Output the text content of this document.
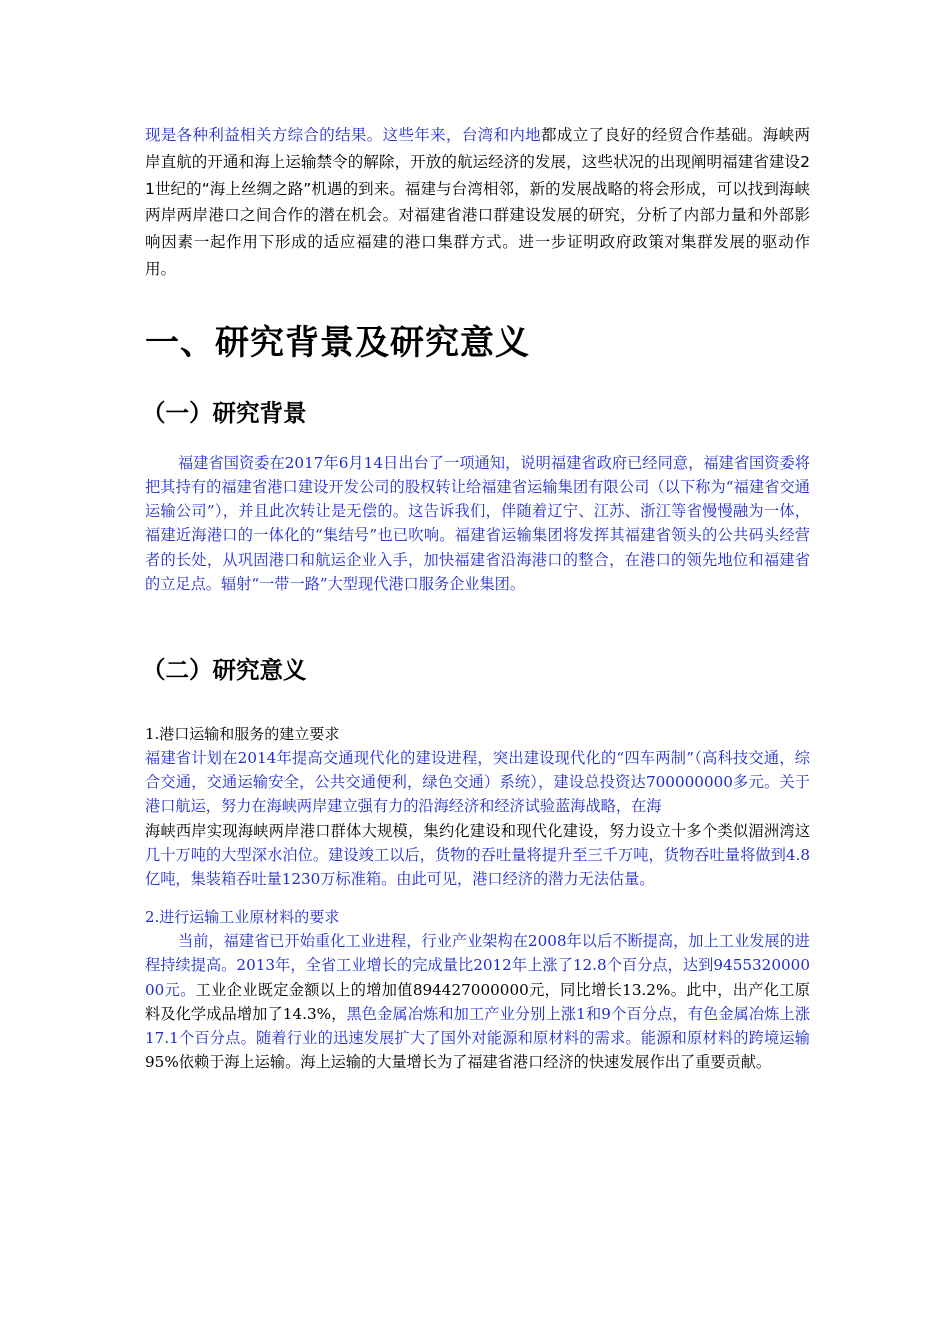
现是各种利益相关方综合的结果。这些年来，台湾和内地都成立了良好的经贸合作基础。海峡两岸直航的开通和海上运输禁令的解除，开放的航运经济的发展，这些状况的出现阐明福建省建设21世纪的“海上丝绸之路”机遇的到来。福建与台湾相邻，新的发展战略的将会形成，可以找到海峡两岸两岸港口之间合作的潜在机会。对福建省港口群建设发展的研究，分析了内部力量和外部影响因素一起作用下形成的适应福建的港口集群方式。进一步证明政府政策对集群发展的驱动作用。

一、研究背景及研究意义
（一）研究背景

福建省国资委在2017年6月14日出台了一项通知，说明福建省政府已经同意，福建省国资委将把其持有的福建省港口建设开发公司的股权转让给福建省运输集团有限公司（以下称为“福建省交通运输公司”），并且此次转让是无偿的。这告诉我们，伴随着辽宁、江苏、浙江等省慢慢融为一体，福建近海港口的一体化的“集结号”也已吹响。福建省运输集团将发挥其福建省领头的公共码头经营者的长处，从巩固港口和航运企业入手，加快福建省沿海港口的整合，在港口的领先地位和福建省的立足点。辐射“一带一路”大型现代港口服务企业集团。

（二）研究意义

1.港口运输和服务的建立要求

福建省计划在2014年提高交通现代化的建设进程，突出建设现代化的“四车两制”（高科技交通，综合交通，交通运输安全，公共交通便利，绿色交通）系统），建设总投资达700000000多元。关于港口航运，努力在海峡两岸建立强有力的沿海经济和经济试验蓝海战略，在海

海峡西岸实现海峡两岸港口群体大规模，集约化建设和现代化建设，努力设立十多个类似湄洲湾这几十万吨的大型深水泊位。建设竣工以后，货物的吞吐量将提升至三千万吨，货物吞吐量将做到4.8亿吨，集装箱吞吐量1230万标准箱。由此可见，港口经济的潜力无法估量。

2.进行运输工业原材料的要求

当前，福建省已开始重化工业进程，行业产业架构在2008年以后不断提高，加上工业发展的进程持续提高。2013年，全省工业增长的完成量比2012年上涨了12.8个百分点，达到945532000000元。工业企业既定金额以上的增加值894427000000元，同比增长13.2%。此中，出产化工原料及化学成品增加了14.3%，黑色金属冶炼和加工产业分别上涨1和9个百分点，有色金属冶炼上涨17.1个百分点。随着行业的迅速发展扩大了国外对能源和原材料的需求。能源和原材料的跨境运输95%依赖于海上运输。海上运输的大量增长为了福建省港口经济的快速发展作出了重要贡献。
